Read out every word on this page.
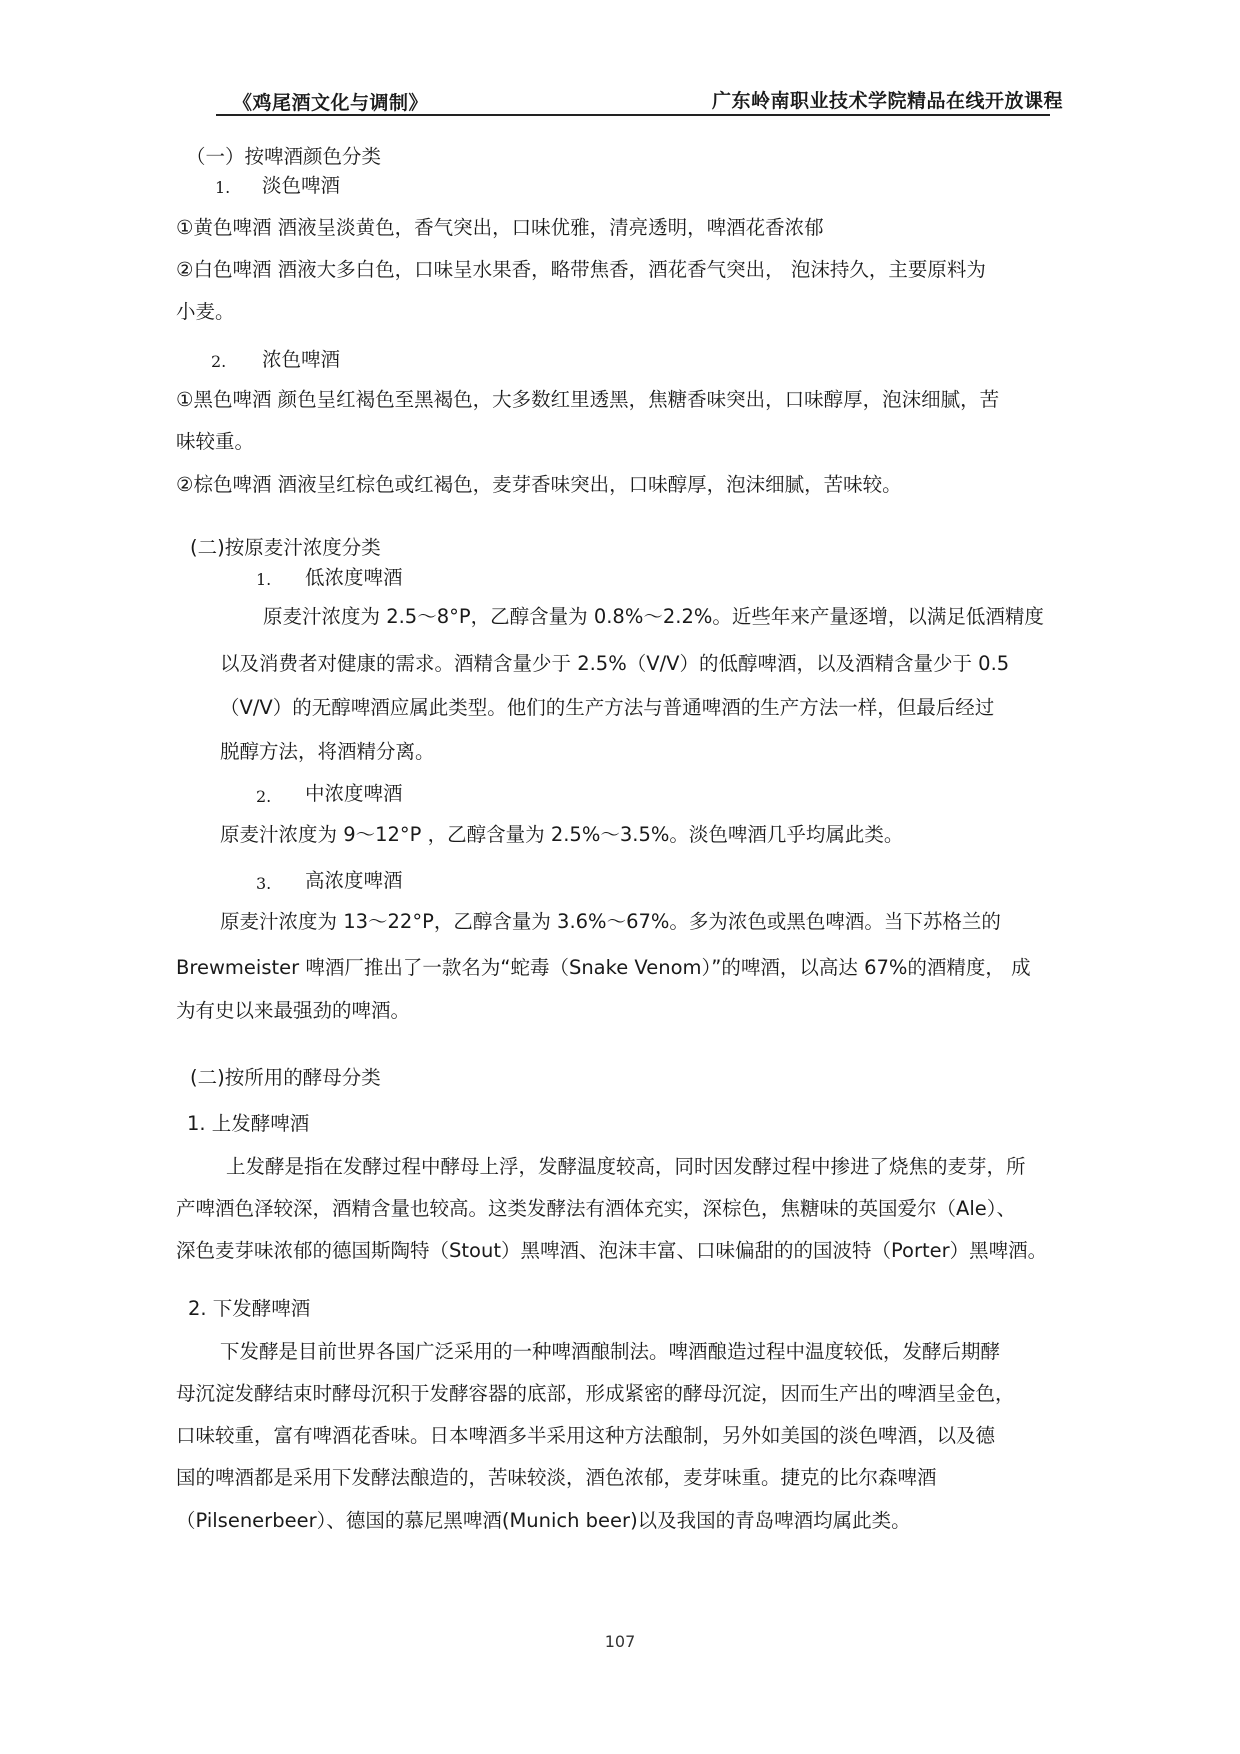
《鸡尾酒文化与调制》	广东岭南职业技术学院精品在线开放课程
（一）按啤酒颜色分类
1. 淡色啤酒
①黄色啤酒 酒液呈淡黄色，香气突出，口味优雅，清亮透明，啤酒花香浓郁
②白色啤酒 酒液大多白色，口味呈水果香，略带焦香，酒花香气突出， 泡沫持久，主要原料为
小麦。
2. 浓色啤酒
①黑色啤酒 颜色呈红褐色至黑褐色，大多数红里透黑，焦糖香味突出，口味醇厚，泡沫细腻，苦
味较重。
②棕色啤酒 酒液呈红棕色或红褐色，麦芽香味突出，口味醇厚，泡沫细腻，苦味较。
(二)按原麦汁浓度分类
1. 低浓度啤酒
原麦汁浓度为 2.5～8°P，乙醇含量为 0.8%～2.2%。近些年来产量逐增，以满足低酒精度
以及消费者对健康的需求。酒精含量少于 2.5%（V/V）的低醇啤酒，以及酒精含量少于 0.5
（V/V）的无醇啤酒应属此类型。他们的生产方法与普通啤酒的生产方法一样，但最后经过
脱醇方法，将酒精分离。
2. 中浓度啤酒
原麦汁浓度为 9～12°P ，乙醇含量为 2.5%～3.5%。淡色啤酒几乎均属此类。
3. 高浓度啤酒
原麦汁浓度为 13～22°P，乙醇含量为 3.6%～67%。多为浓色或黑色啤酒。当下苏格兰的
Brewmeister 啤酒厂推出了一款名为“蛇毒（Snake Venom）”的啤酒，以高达 67%的酒精度， 成
为有史以来最强劲的啤酒。
(二)按所用的酵母分类
1. 上发酵啤酒
上发酵是指在发酵过程中酵母上浮，发酵温度较高，同时因发酵过程中掺进了烧焦的麦芽，所
产啤酒色泽较深，酒精含量也较高。这类发酵法有酒体充实，深棕色，焦糖味的英国爱尔（Ale）、
深色麦芽味浓郁的德国斯陶特（Stout）黑啤酒、泡沫丰富、口味偏甜的的国波特（Porter）黑啤酒。
2. 下发酵啤酒
下发酵是目前世界各国广泛采用的一种啤酒酿制法。啤酒酿造过程中温度较低，发酵后期酵
母沉淀发酵结束时酵母沉积于发酵容器的底部，形成紧密的酵母沉淀，因而生产出的啤酒呈金色，
口味较重，富有啤酒花香味。日本啤酒多半采用这种方法酿制，另外如美国的淡色啤酒，以及德
国的啤酒都是采用下发酵法酿造的，苦味较淡，酒色浓郁，麦芽味重。捷克的比尔森啤酒
（Pilsenerbeer）、德国的慕尼黑啤酒(Munich beer)以及我国的青岛啤酒均属此类。
107
